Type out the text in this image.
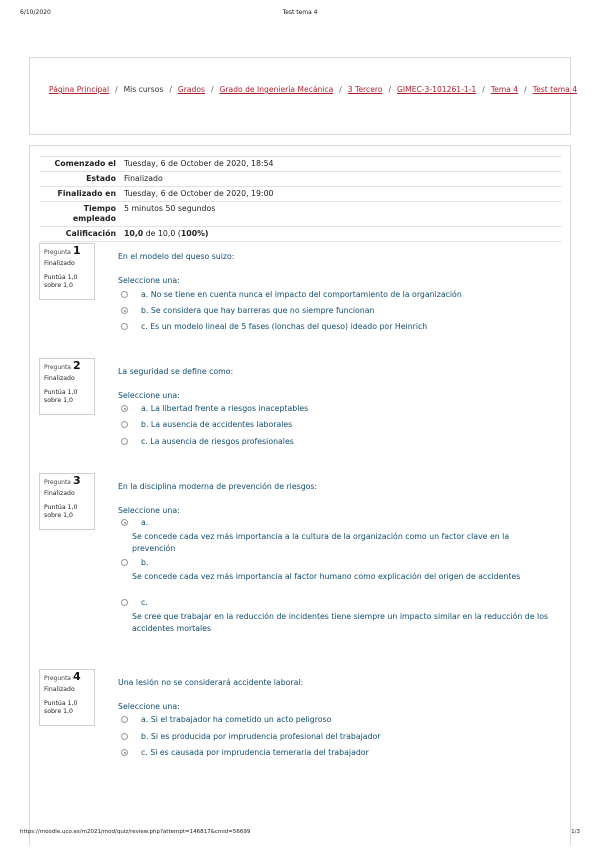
6/10/2020	Test tema 4
Página Principal / Mis cursos / Grados / Grado de Ingeniería Mecánica / 3 Tercero / GIMEC-3-101261-1-1 / Tema 4 / Test tema 4
Comenzado el	Tuesday, 6 de October de 2020, 18:54
Estado	Finalizado
Finalizado en	Tuesday, 6 de October de 2020, 19:00
Tiempo
empleado	5 minutos 50 segundos
Calificación	10,0 de 10,0 (100%)
Pregunta 1
Finalizado
Puntúa 1,0
sobre 1,0
En el modelo del queso suizo:
Seleccione una:
a. No se tiene en cuenta nunca el impacto del comportamiento de la organización
b. Se considera que hay barreras que no siempre funcionan
c. Es un modelo lineal de 5 fases (lonchas del queso) ideado por Heinrich
Pregunta 2
Finalizado
Puntúa 1,0
sobre 1,0
La seguridad se define como:
Seleccione una:
a. La libertad frente a riesgos inaceptables
b. La ausencia de accidentes laborales
c. La ausencia de riesgos profesionales
Pregunta 3
Finalizado
Puntúa 1,0
sobre 1,0
En la disciplina moderna de prevención de riesgos:
Seleccione una:
a.
Se concede cada vez más importancia a la cultura de la organización como un factor clave en la prevención
b.
Se concede cada vez más importancia al factor humano como explicación del origen de accidentes
c.
Se cree que trabajar en la reducción de incidentes tiene siempre un impacto similar en la reducción de los accidentes mortales
Pregunta 4
Finalizado
Puntúa 1,0
sobre 1,0
Una lesión no se considerará accidente laboral:
Seleccione una:
a. Si el trabajador ha cometido un acto peligroso
b. Si es producida por imprudencia profesional del trabajador
c. Si es causada por imprudencia temeraria del trabajador
https://moodle.uco.es/m2021/mod/quiz/review.php?attempt=146817&cmid=56699	1/3
